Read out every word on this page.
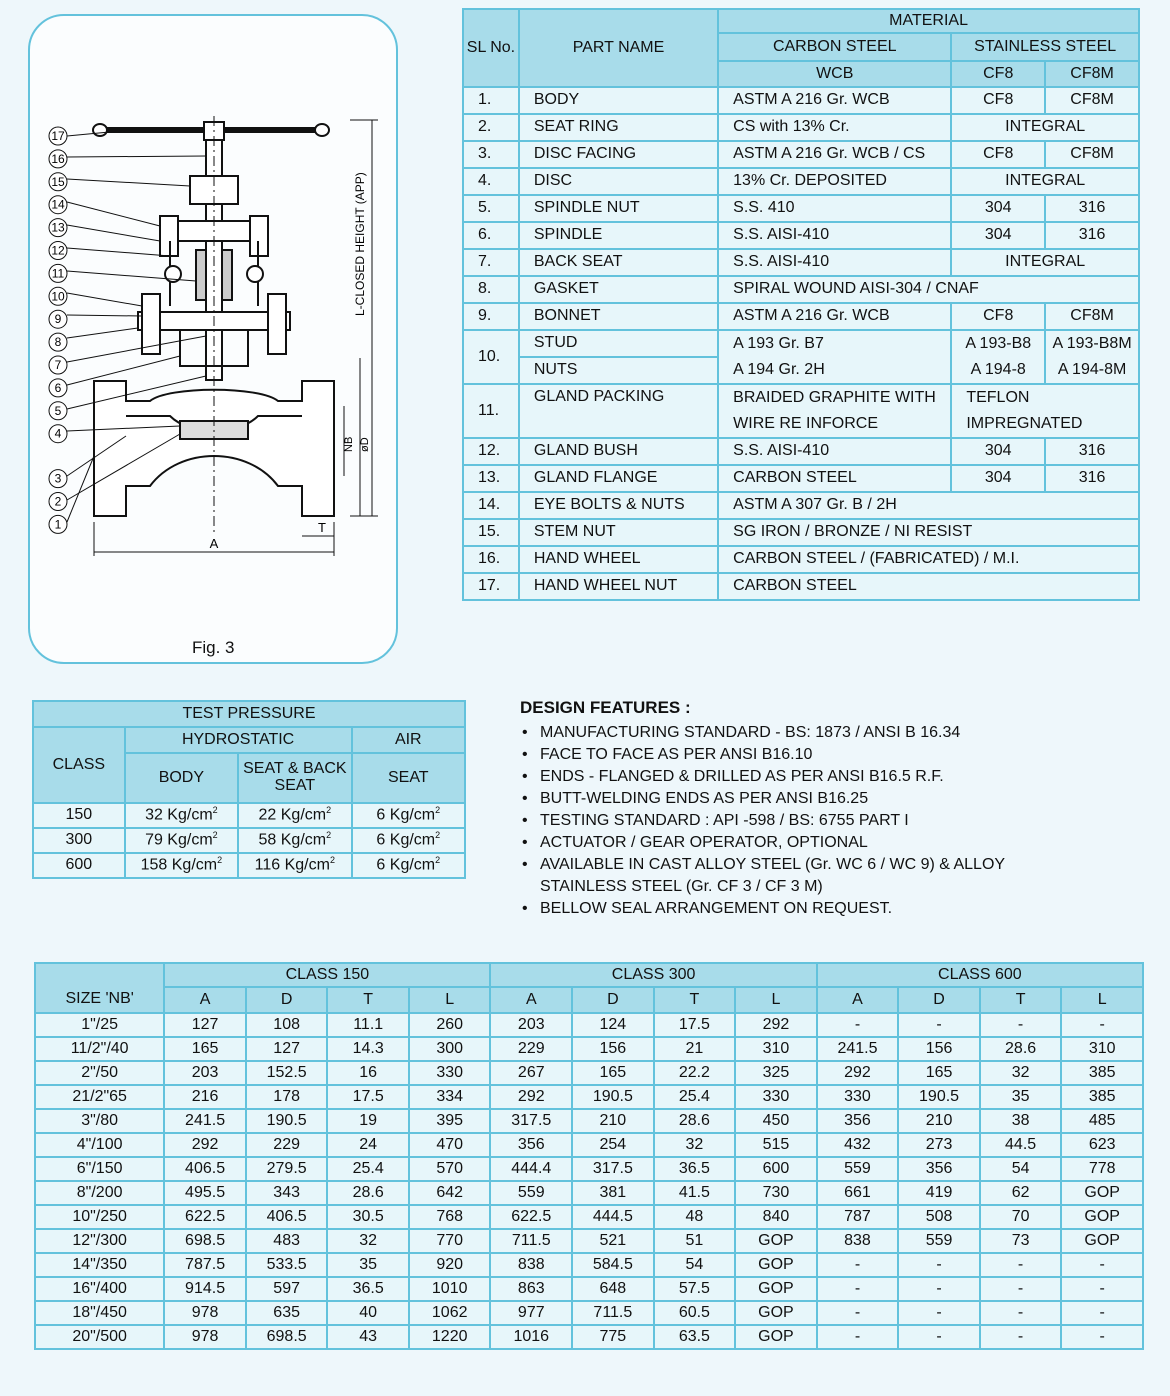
17
16
15
14
13
12
11
10
9
8
7
6
5
4
3
2
1
L-CLOSED HEIGHT (APP)
A
T
NB øD
Fig. 3
SL No.	PART NAME	MATERIAL		
		CARBON STEEL	STAINLESS STEEL	
		WCB	CF8	CF8M
1.	BODY	ASTM A 216 Gr. WCB	CF8	CF8M
2.	SEAT RING	CS with 13% Cr.	INTEGRAL	
3.	DISC FACING	ASTM A 216 Gr. WCB / CS	CF8	CF8M
4.	DISC	13% Cr. DEPOSITED	INTEGRAL	
5.	SPINDLE NUT	S.S. 410	304	316
6.	SPINDLE	S.S. AISI-410	304	316
7.	BACK SEAT	S.S. AISI-410	INTEGRAL	
8.	GASKET	SPIRAL WOUND AISI-304 / CNAF		
9.	BONNET	ASTM A 216 Gr. WCB	CF8	CF8M
10.	STUD	A 193 Gr. B7	A 193-B8	A 193-B8M
	NUTS	A 194 Gr. 2H	A 194-8	A 194-8M
11.	GLAND PACKING	BRAIDED GRAPHITE WITH	TEFLON	
		WIRE RE INFORCE	IMPREGNATED	
12.	GLAND BUSH	S.S. AISI-410	304	316
13.	GLAND FLANGE	CARBON STEEL	304	316
14.	EYE BOLTS & NUTS	ASTM A 307 Gr. B / 2H		
15.	STEM NUT	SG IRON / BRONZE / NI RESIST		
16.	HAND WHEEL	CARBON STEEL / (FABRICATED) / M.I.		
17.	HAND WHEEL NUT	CARBON STEEL		
TEST PRESSURE			
CLASS	HYDROSTATIC		AIR
	BODY	SEAT & BACK SEAT	SEAT
150	32 $Kg/cm^2$	22 $Kg/cm^2$	6 $Kg/cm^2$
300	79 $Kg/cm^2$	58 $Kg/cm^2$	6 $Kg/cm^2$
600	158 $Kg/cm^2$	116 $Kg/cm^2$	6 $Kg/cm^2$
DESIGN FEATURES :
• MANUFACTURING STANDARD - BS: 1873 / ANSI B 16.34
• FACE TO FACE AS PER ANSI B16.10
• ENDS - FLANGED & DRILLED AS PER ANSI B16.5 R.F.
• BUTT-WELDING ENDS AS PER ANSI B16.25
• TESTING STANDARD : API -598 / BS: 6755 PART I
• ACTUATOR / GEAR OPERATOR, OPTIONAL
• AVAILABLE IN CAST ALLOY STEEL (Gr. WC 6 / WC 9) & ALLOY
STAINLESS STEEL (Gr. CF 3 / CF 3 M)
• BELLOW SEAL ARRANGEMENT ON REQUEST.
	CLASS 150				CLASS 300				CLASS 600			
SIZE 'NB'	A	D	T	L	A	D	T	L	A	D	T	L
1"/25	127	108	11.1	260	203	124	17.5	292	-	-	-	-
11/2"/40	165	127	14.3	300	229	156	21	310	241.5	156	28.6	310
2"/50	203	152.5	16	330	267	165	22.2	325	292	165	32	385
21/2"65	216	178	17.5	334	292	190.5	25.4	330	330	190.5	35	385
3"/80	241.5	190.5	19	395	317.5	210	28.6	450	356	210	38	485
4"/100	292	229	24	470	356	254	32	515	432	273	44.5	623
6"/150	406.5	279.5	25.4	570	444.4	317.5	36.5	600	559	356	54	778
8"/200	495.5	343	28.6	642	559	381	41.5	730	661	419	62	GOP
10"/250	622.5	406.5	30.5	768	622.5	444.5	48	840	787	508	70	GOP
12"/300	698.5	483	32	770	711.5	521	51	GOP	838	559	73	GOP
14"/350	787.5	533.5	35	920	838	584.5	54	GOP	-	-	-	-
16"/400	914.5	597	36.5	1010	863	648	57.5	GOP	-	-	-	-
18"/450	978	635	40	1062	977	711.5	60.5	GOP	-	-	-	-
20"/500	978	698.5	43	1220	1016	775	63.5	GOP	-	-	-	-
